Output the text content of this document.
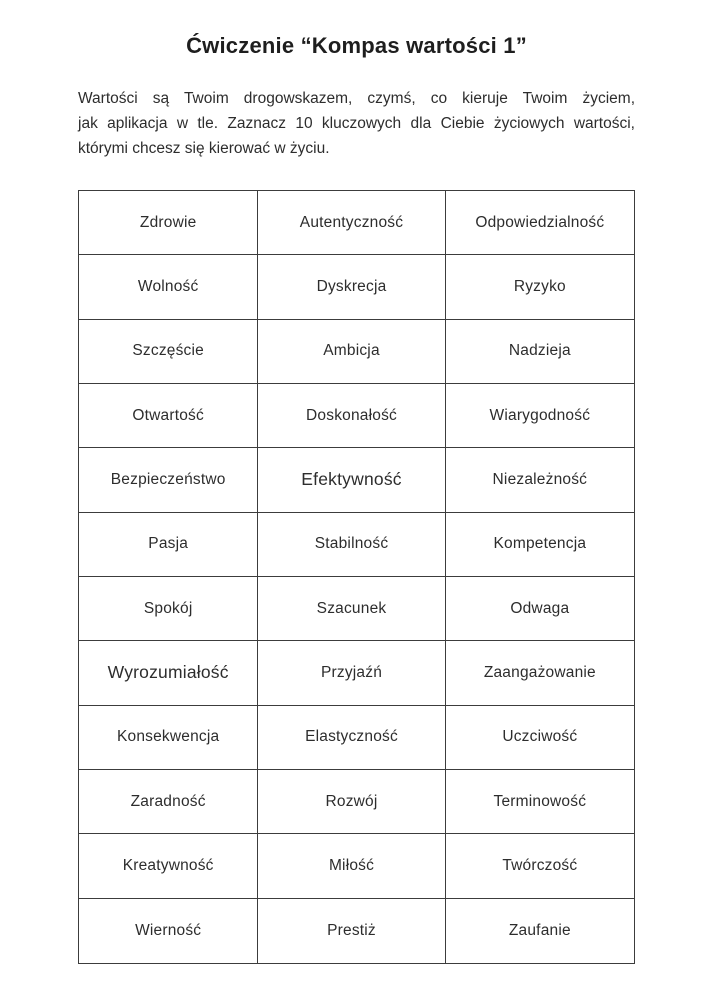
Ćwiczenie “Kompas wartości 1”
Wartości są Twoim drogowskazem, czymś, co kieruje Twoim życiem,
jak aplikacja w tle. Zaznacz 10 kluczowych dla Ciebie życiowych wartości,
którymi chcesz się kierować w życiu.
Zdrowie	Autentyczność	Odpowiedzialność
Wolność	Dyskrecja	Ryzyko
Szczęście	Ambicja	Nadzieja
Otwartość	Doskonałość	Wiarygodność
Bezpieczeństwo	Efektywność	Niezależność
Pasja	Stabilność	Kompetencja
Spokój	Szacunek	Odwaga
Wyrozumiałość	Przyjaźń	Zaangażowanie
Konsekwencja	Elastyczność	Uczciwość
Zaradność	Rozwój	Terminowość
Kreatywność	Miłość	Twórczość
Wierność	Prestiż	Zaufanie
